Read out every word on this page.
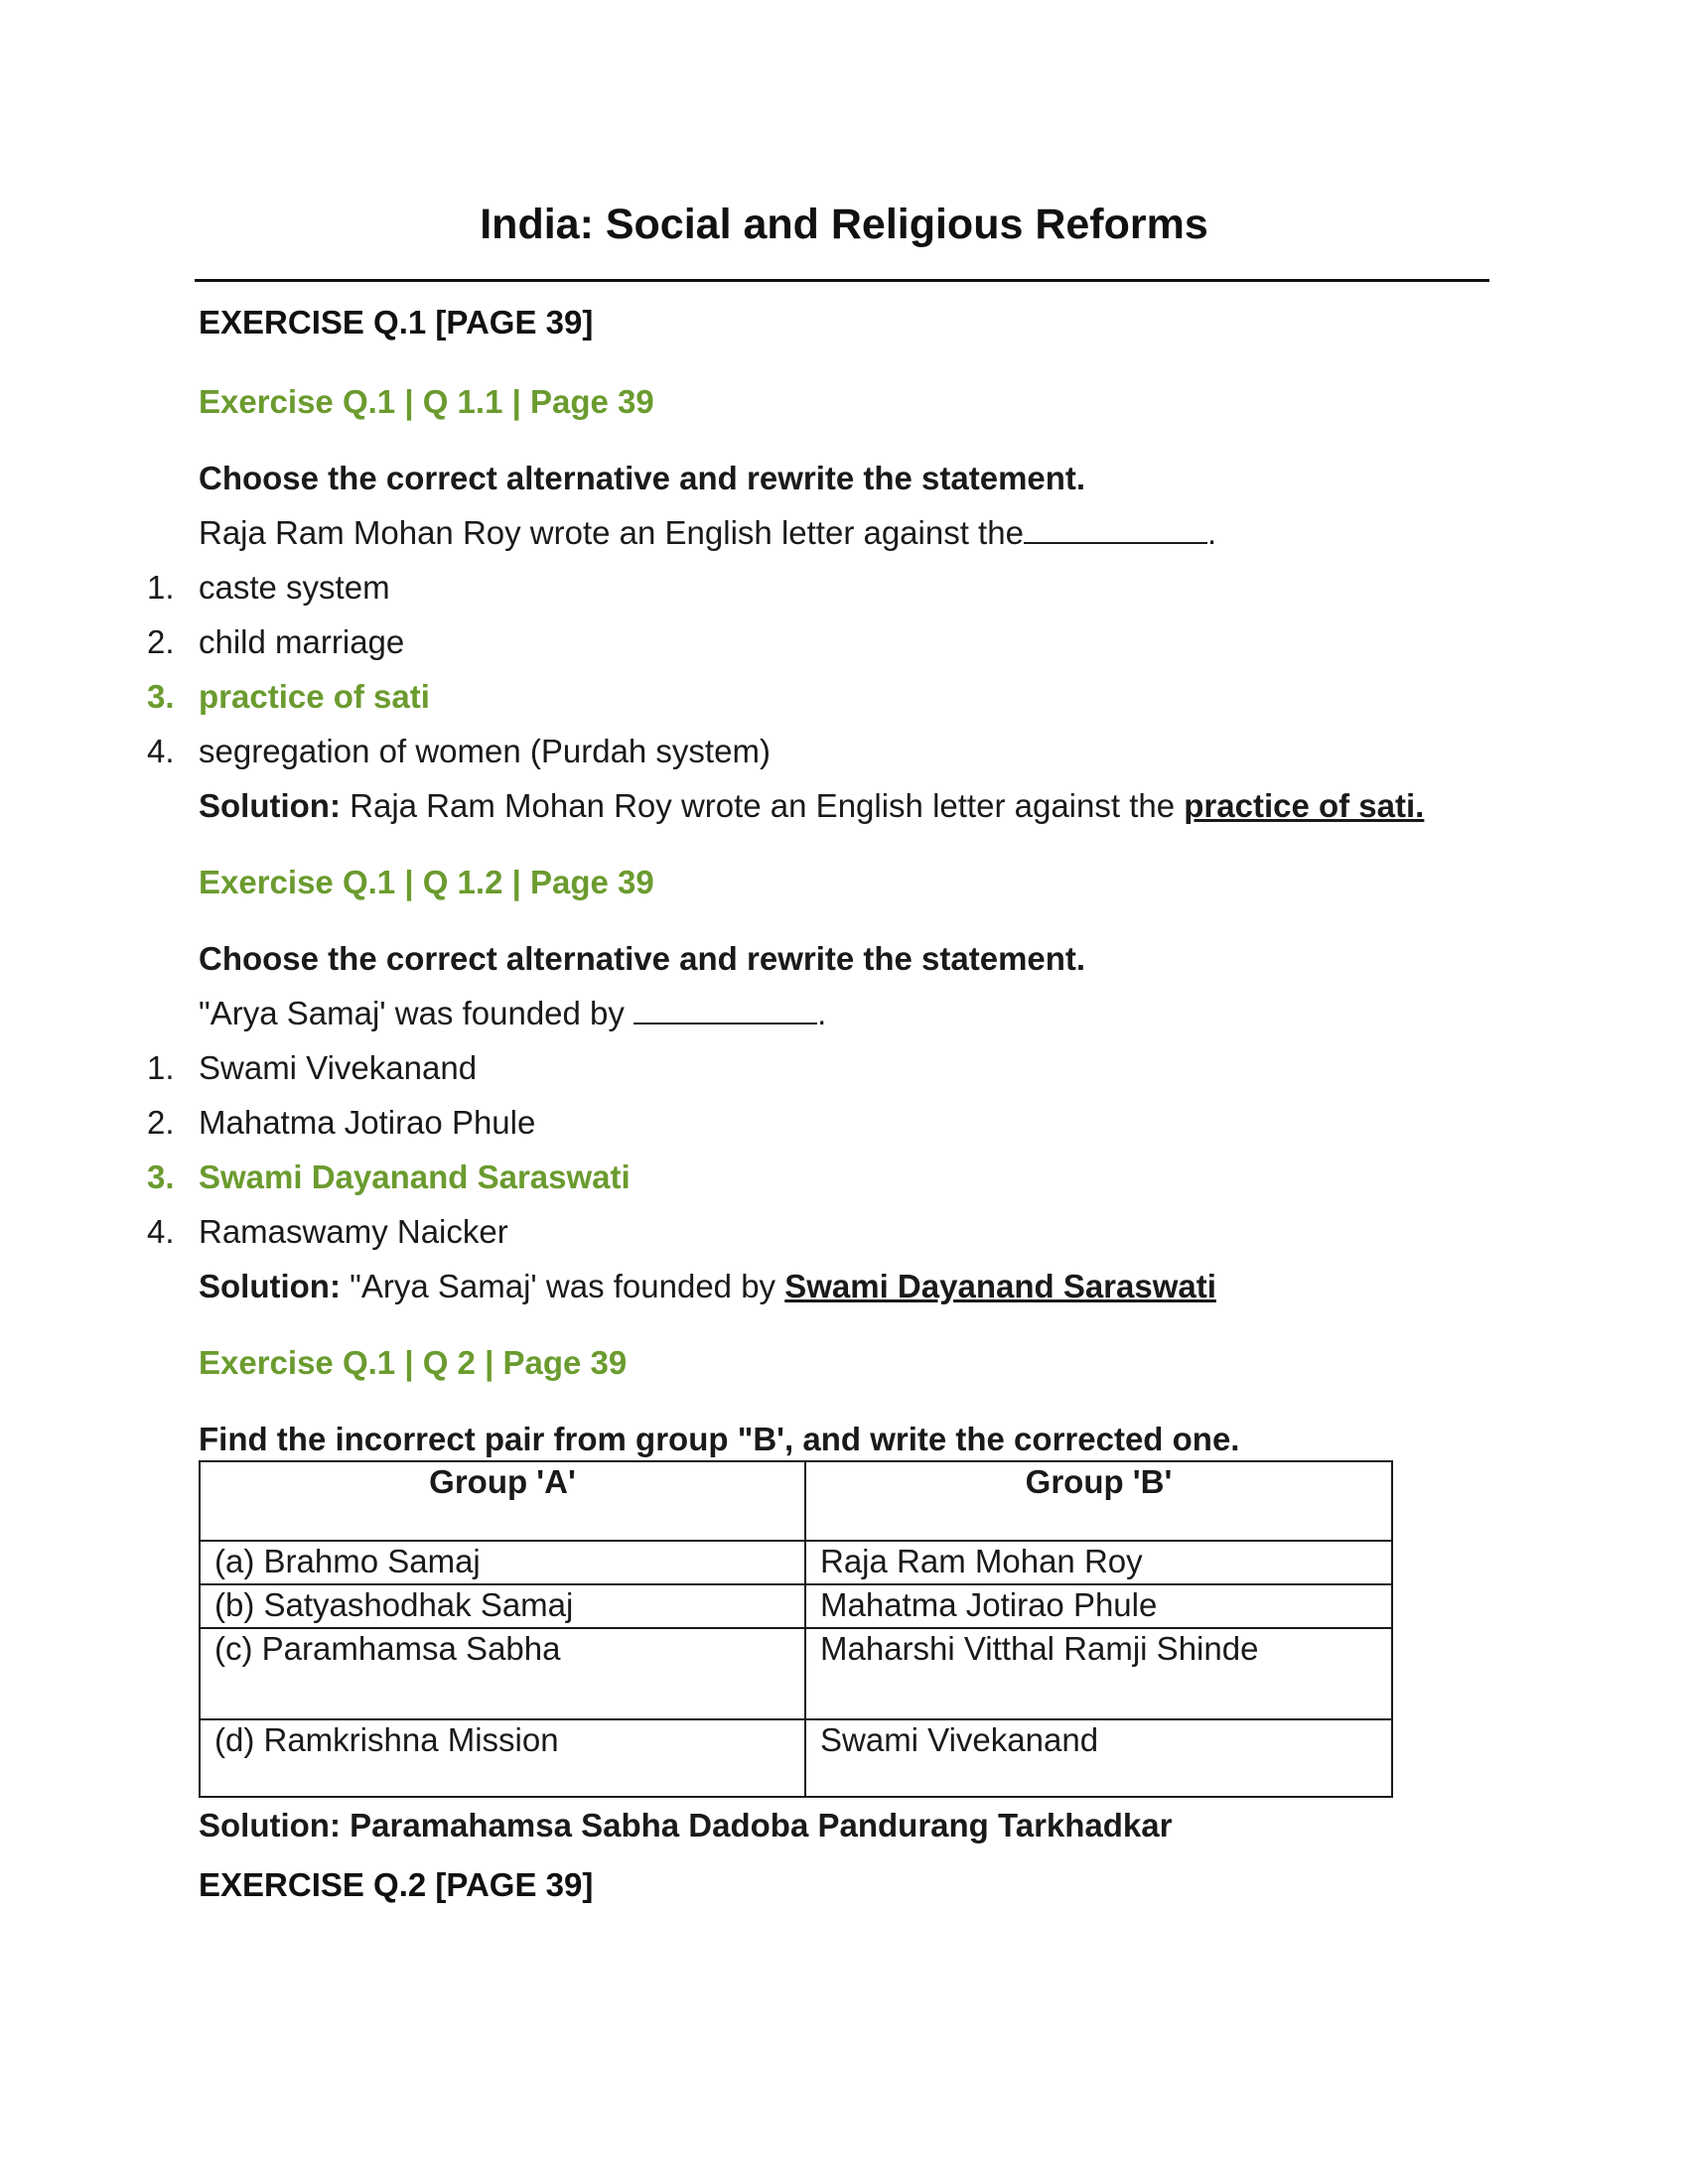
India: Social and Religious Reforms
EXERCISE Q.1 [PAGE 39]
Exercise Q.1 | Q 1.1 | Page 39
Choose the correct alternative and rewrite the statement.
Raja Ram Mohan Roy wrote an English letter against the	.
1. caste system
2. child marriage
3. practice of sati
4. segregation of women (Purdah system)
Solution: Raja Ram Mohan Roy wrote an English letter against the practice of sati.
Exercise Q.1 | Q 1.2 | Page 39
Choose the correct alternative and rewrite the statement.
"Arya Samaj' was founded by	.
1. Swami Vivekanand
2. Mahatma Jotirao Phule
3. Swami Dayanand Saraswati
4. Ramaswamy Naicker
Solution: "Arya Samaj' was founded by Swami Dayanand Saraswati
Exercise Q.1 | Q 2 | Page 39
Find the incorrect pair from group "B', and write the corrected one.
Group 'A'	Group 'B'
(a) Brahmo Samaj	Raja Ram Mohan Roy
(b) Satyashodhak Samaj	Mahatma Jotirao Phule
(c) Paramhamsa Sabha	Maharshi Vitthal Ramji Shinde
(d) Ramkrishna Mission	Swami Vivekanand
Solution: Paramahamsa Sabha Dadoba Pandurang Tarkhadkar
EXERCISE Q.2 [PAGE 39]
